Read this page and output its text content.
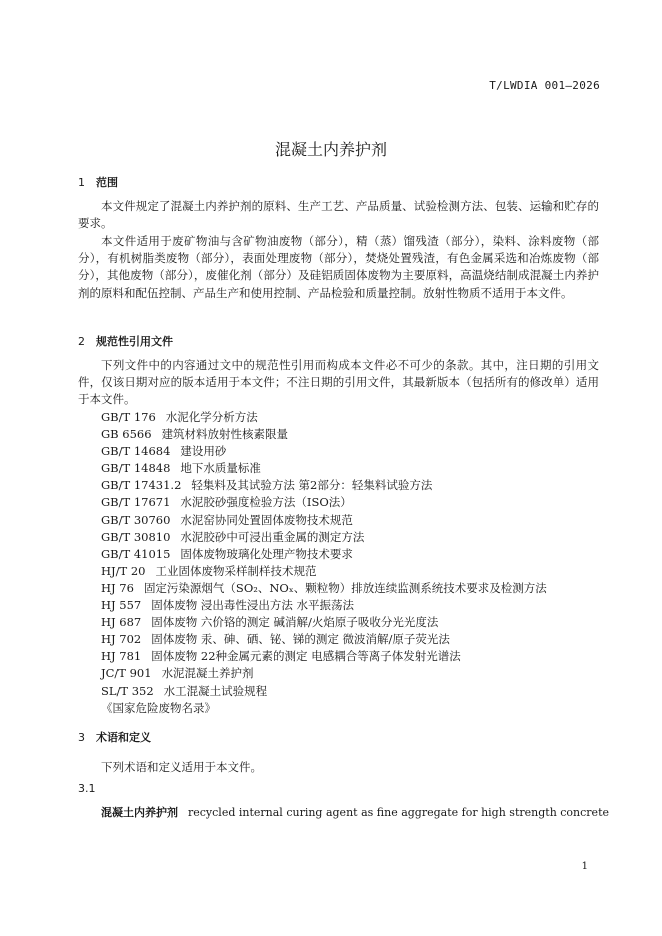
T/LWDIA 001—2026
混凝土内养护剂
1 范围

本文件规定了混凝土内养护剂的原料、生产工艺、产品质量、试验检测方法、包装、运输和贮存的要求。

本文件适用于废矿物油与含矿物油废物（部分），精（蒸）馏残渣（部分），染料、涂料废物（部分），有机树脂类废物（部分），表面处理废物（部分），焚烧处置残渣，有色金属采选和冶炼废物（部分），其他废物（部分），废催化剂（部分）及硅铝质固体废物为主要原料，高温烧结制成混凝土内养护剂的原料和配伍控制、产品生产和使用控制、产品检验和质量控制。放射性物质不适用于本文件。

2 规范性引用文件

下列文件中的内容通过文中的规范性引用而构成本文件必不可少的条款。其中，注日期的引用文件，仅该日期对应的版本适用于本文件；不注日期的引用文件，其最新版本（包括所有的修改单）适用于本文件。

GB/T 176 水泥化学分析方法
GB 6566 建筑材料放射性核素限量
GB/T 14684 建设用砂
GB/T 14848 地下水质量标准
GB/T 17431.2 轻集料及其试验方法 第2部分：轻集料试验方法
GB/T 17671 水泥胶砂强度检验方法（ISO法）
GB/T 30760 水泥窑协同处置固体废物技术规范
GB/T 30810 水泥胶砂中可浸出重金属的测定方法
GB/T 41015 固体废物玻璃化处理产物技术要求
HJ/T 20 工业固体废物采样制样技术规范
HJ 76 固定污染源烟气（SO₂、NOₓ、颗粒物）排放连续监测系统技术要求及检测方法
HJ 557 固体废物 浸出毒性浸出方法 水平振荡法
HJ 687 固体废物 六价铬的测定 碱消解/火焰原子吸收分光光度法
HJ 702 固体废物 汞、砷、硒、铋、锑的测定 微波消解/原子荧光法
HJ 781 固体废物 22种金属元素的测定 电感耦合等离子体发射光谱法
JC/T 901 水泥混凝土养护剂
SL/T 352 水工混凝土试验规程
《国家危险废物名录》
3 术语和定义

下列术语和定义适用于本文件。

3.1
混凝土内养护剂 recycled internal curing agent as fine aggregate for high strength concrete
1
